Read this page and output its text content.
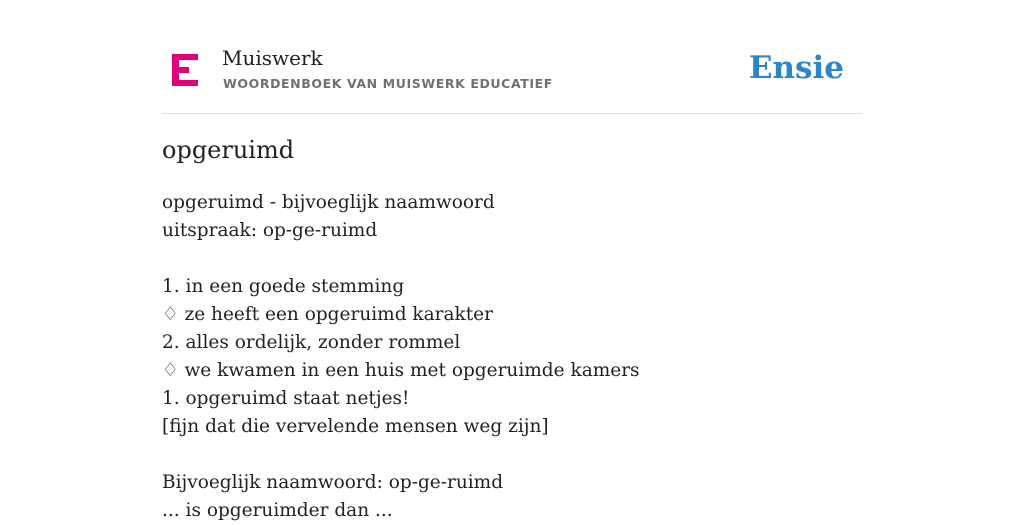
Muiswerk
WOORDENBOEK VAN MUISWERK EDUCATIEF	Ensie
opgeruimd
opgeruimd - bijvoeglijk naamwoord
uitspraak: op-ge-ruimd
1. in een goede stemming
♢ ze heeft een opgeruimd karakter
2. alles ordelijk, zonder rommel
♢ we kwamen in een huis met opgeruimde kamers
1. opgeruimd staat netjes!
[fijn dat die vervelende mensen weg zijn]
Bijvoeglijk naamwoord: op-ge-ruimd
... is opgeruimder dan ...
